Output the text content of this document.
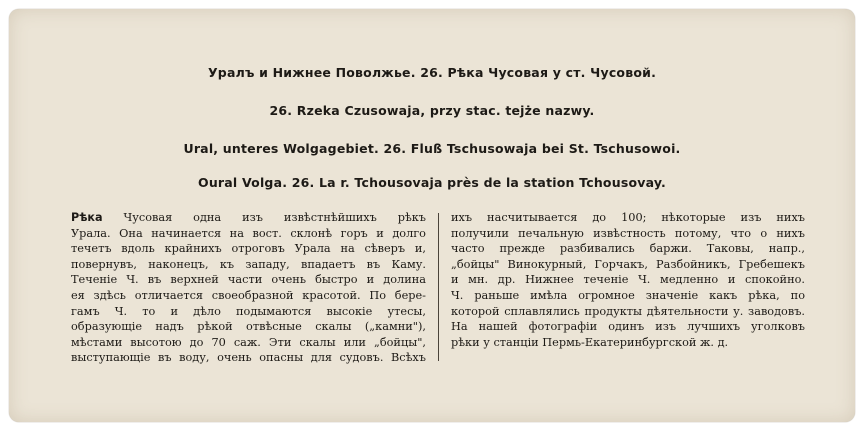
Уралъ и Нижнее Поволжье. 26. Рѣка Чусовая у ст. Чусовой.
26. Rzeka Czusowaja, przy stac. tejże nazwy.
Ural, unteres Wolgagebiet. 26. Fluß Tschusowaja bei St. Tschusowoi.
Oural Volga. 26. La r. Tchousovaja près de la station Tchousovay.
Рѣка Чусовая одна изъ извѣстнѣйшихъ рѣкъ
Урала. Она начинается на вост. склонѣ горъ и долго
течетъ вдоль крайнихъ отроговъ Урала на сѣверъ и,
повернувъ, наконецъ, къ западу, впадаетъ въ Каму.
Теченіе Ч. въ верхней части очень быстро и долина
ея здѣсь отличается своеобразной красотой. По бере-
гамъ Ч. то и дѣло подымаются высокіе утесы,
образующіе надъ рѣкой отвѣсные скалы („камни"),
мѣстами высотою до 70 саж. Эти скалы или „бойцы",
выступающіе въ воду, очень опасны для судовъ. Всѣхъ
ихъ насчитывается до 100; нѣкоторые изъ нихъ
получили печальную извѣстность потому, что о нихъ
часто прежде разбивались баржи. Таковы, напр.,
„бойцы" Винокурный, Горчакъ, Разбойникъ, Гребешекъ
и мн. др. Нижнее теченіе Ч. медленно и спокойно.
Ч. раньше имѣла огромное значеніе какъ рѣка, по
которой сплавлялись продукты дѣятельности у. заводовъ.
На нашей фотографіи одинъ изъ лучшихъ уголковъ
рѣки у станціи Пермь-Екатеринбургской ж. д.
